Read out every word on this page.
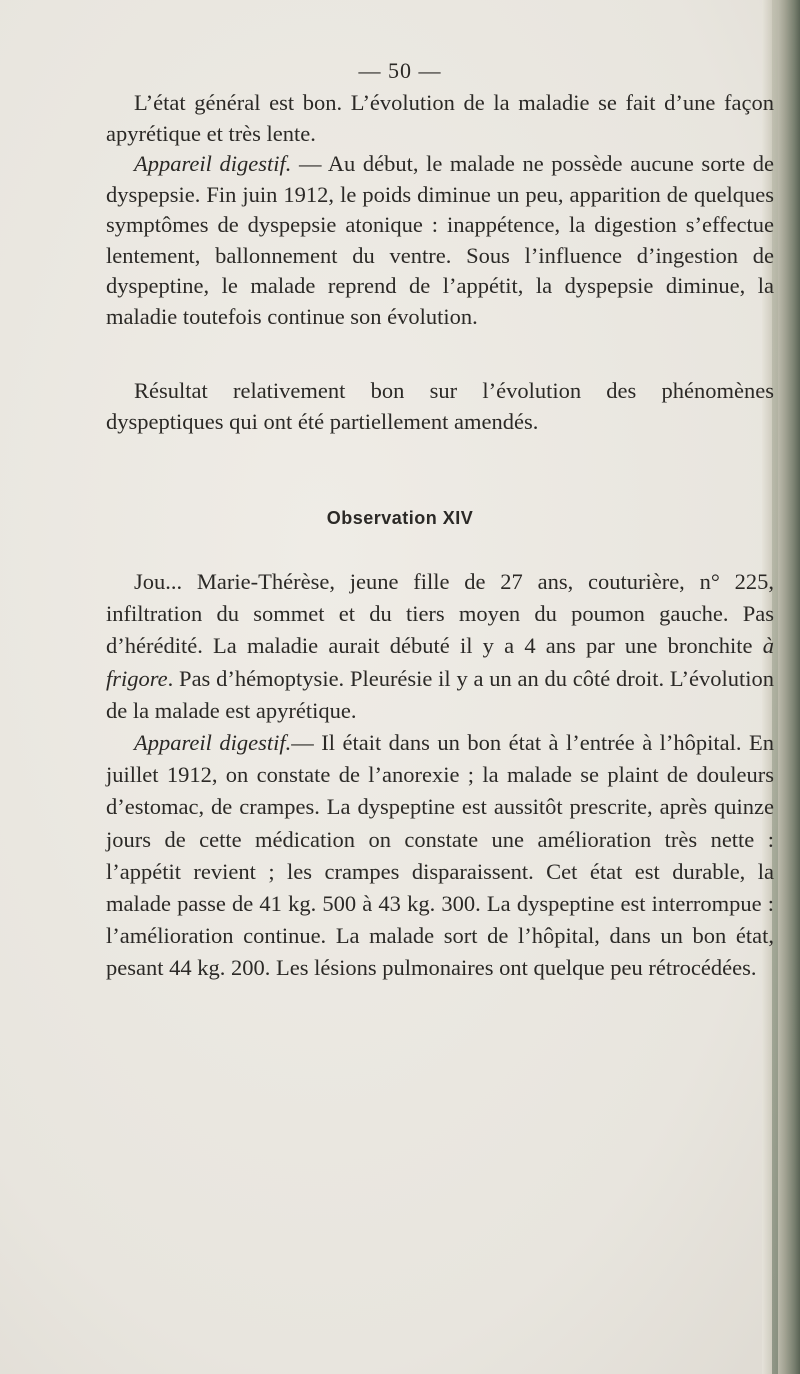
— 50 —

L’état général est bon. L’évolution de la maladie se fait d’une façon apyrétique et très lente.

Appareil digestif. — Au début, le malade ne possède aucune sorte de dyspepsie. Fin juin 1912, le poids diminue un peu, apparition de quelques symptômes de dyspepsie atonique : inappétence, la digestion s’effectue lentement, ballonnement du ventre. Sous l’influence d’ingestion de dyspeptine, le malade reprend de l’appétit, la dyspepsie diminue, la maladie toutefois continue son évolution.

Résultat relativement bon sur l’évolution des phénomènes dyspeptiques qui ont été partiellement amendés.

Observation XIV

Jou... Marie-Thérèse, jeune fille de 27 ans, couturière, n° 225, infiltration du sommet et du tiers moyen du poumon gauche. Pas d’hérédité. La maladie aurait débuté il y a 4 ans par une bronchite à frigore. Pas d’hémoptysie. Pleurésie il y a un an du côté droit. L’évolution de la malade est apyrétique.

Appareil digestif.— Il était dans un bon état à l’entrée à l’hôpital. En juillet 1912, on constate de l’anorexie ; la malade se plaint de douleurs d’estomac, de crampes. La dyspeptine est aussitôt prescrite, après quinze jours de cette médication on constate une amélioration très nette : l’appétit revient ; les crampes disparaissent. Cet état est durable, la malade passe de 41 kg. 500 à 43 kg. 300. La dyspeptine est interrompue : l’amélioration continue. La malade sort de l’hôpital, dans un bon état, pesant 44 kg. 200. Les lésions pulmonaires ont quelque peu rétrocédées.
